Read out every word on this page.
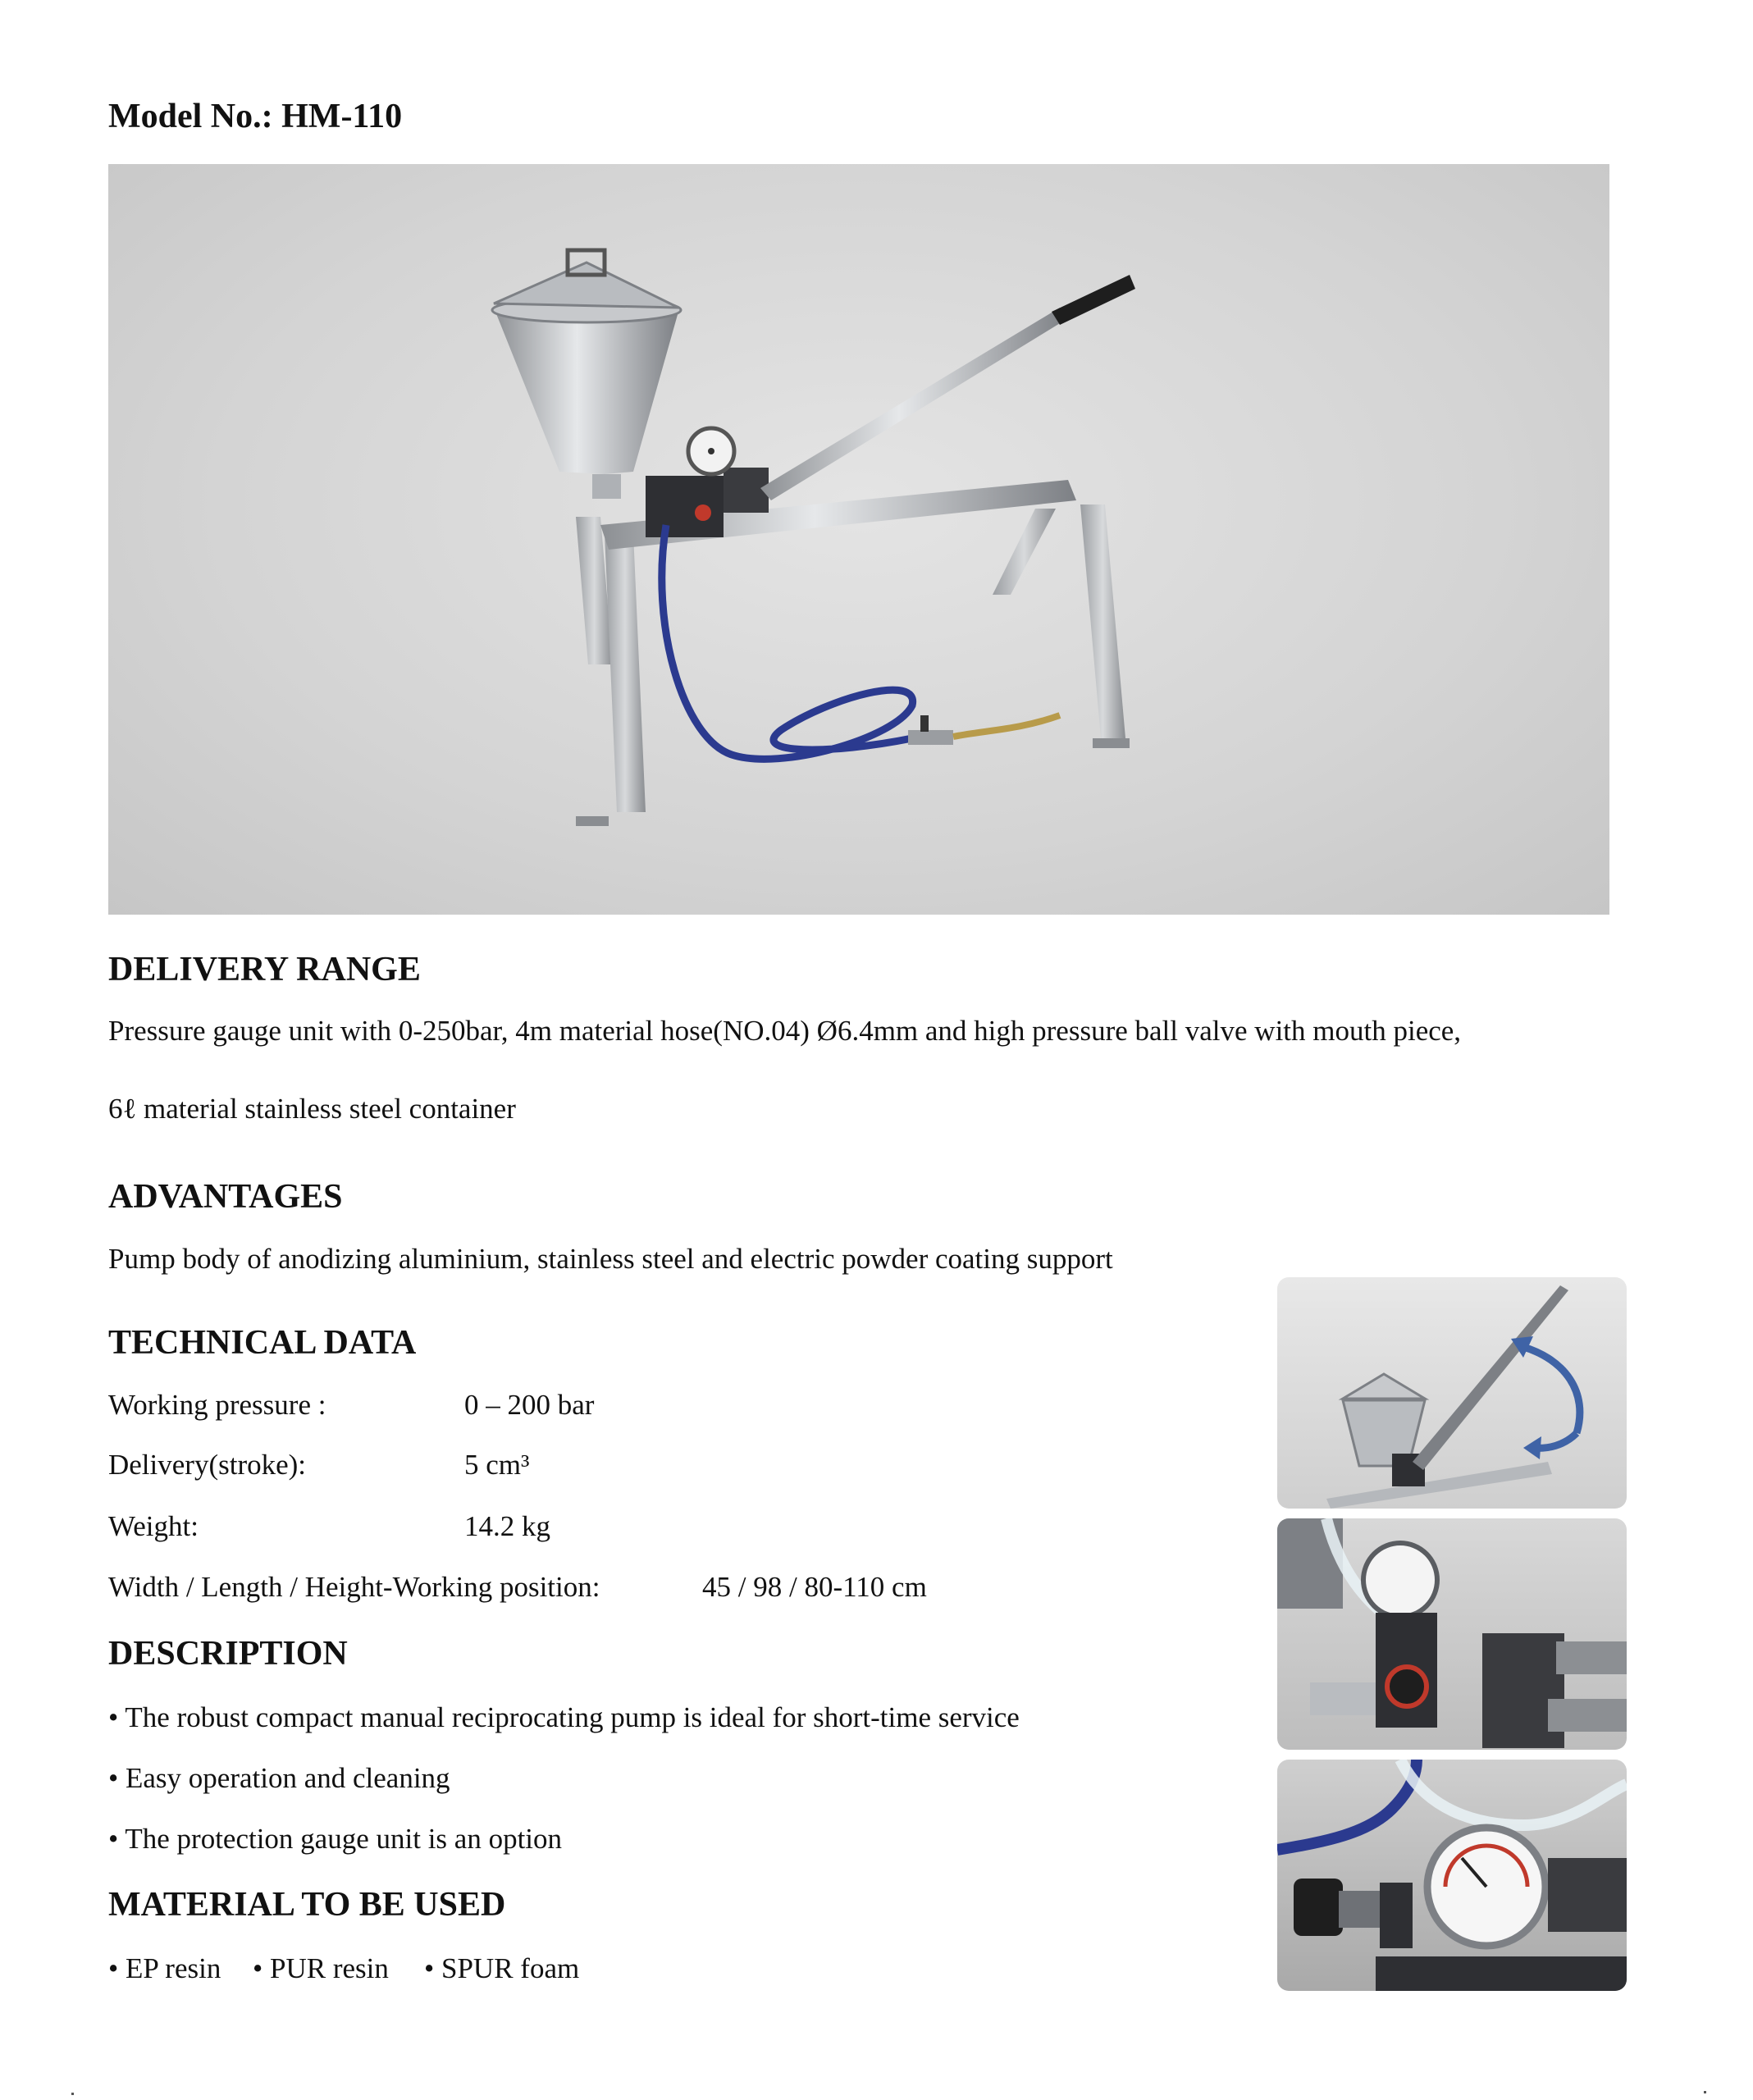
Model No.: HM-110
DELIVERY RANGE
Pressure gauge unit with 0-250bar, 4m material hose(NO.04) Ø6.4mm and high pressure ball valve with mouth piece,
6ℓ material stainless steel container
ADVANTAGES
Pump body of anodizing aluminium, stainless steel and electric powder coating support
TECHNICAL DATA
Working pressure :	0 – 200 bar
Delivery(stroke):	5 cm³
Weight:	14.2 kg
Width / Length / Height-Working position:	45 / 98 / 80-110 cm
DESCRIPTION
• The robust compact manual reciprocating pump is ideal for short-time service
• Easy operation and cleaning
• The protection gauge unit is an option
MATERIAL TO BE USED
• EP resin • PUR resin • SPUR foam
